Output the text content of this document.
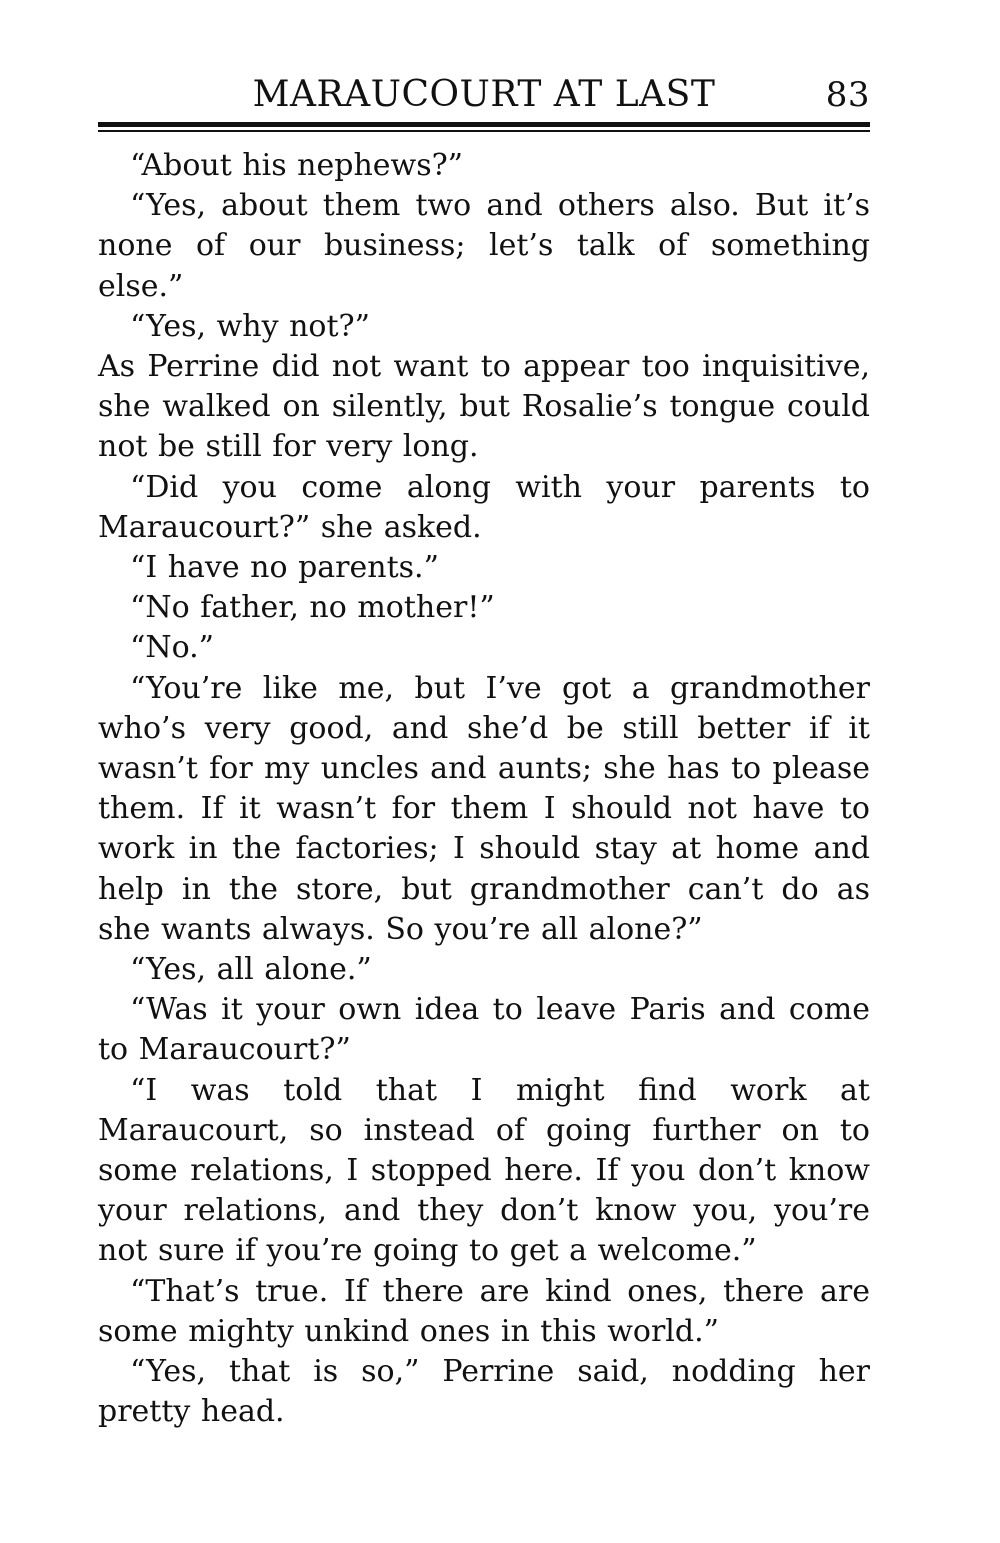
MARAUCOURT AT LAST	83

“About his nephews?”

“Yes, about them two and others also. But it’s none of our business; let’s talk of something else.”

“Yes, why not?”

As Perrine did not want to appear too inquisitive, she walked on silently, but Rosalie’s tongue could not be still for very long.

“Did you come along with your parents to Maraucourt?” she asked.

“I have no parents.”

“No father, no mother!”

“No.”

“You’re like me, but I’ve got a grandmother who’s very good, and she’d be still better if it wasn’t for my uncles and aunts; she has to please them. If it wasn’t for them I should not have to work in the factories; I should stay at home and help in the store, but grandmother can’t do as she wants always. So you’re all alone?”

“Yes, all alone.”

“Was it your own idea to leave Paris and come to Maraucourt?”

“I was told that I might find work at Maraucourt, so instead of going further on to some relations, I stopped here. If you don’t know your relations, and they don’t know you, you’re not sure if you’re going to get a welcome.”

“That’s true. If there are kind ones, there are some mighty unkind ones in this world.”

“Yes, that is so,” Perrine said, nodding her pretty head.
